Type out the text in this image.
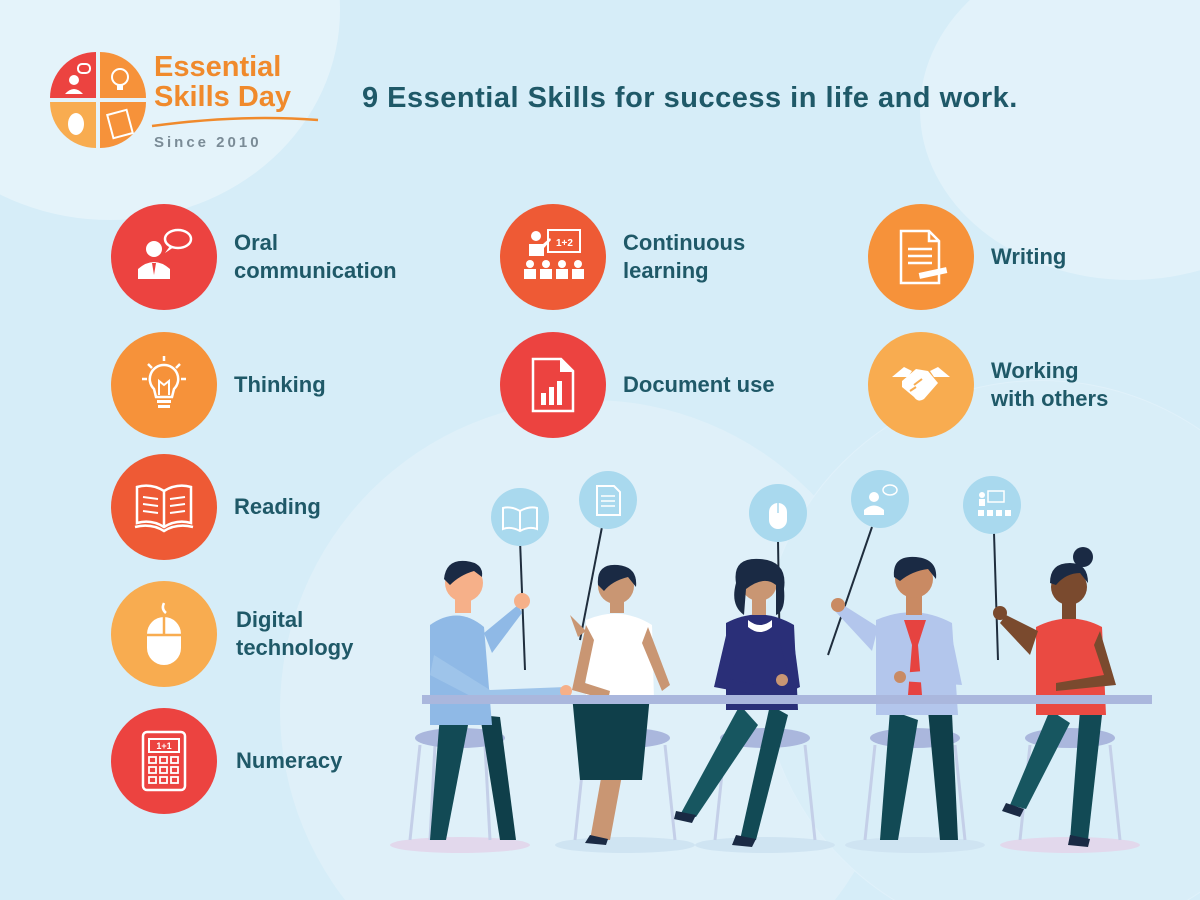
Essential
Skills Day
Since 2010
9 Essential Skills for success in life and work.
Oral
communication
1+2 Continuous
learning
Writing
Thinking	Document use
Working
with others
Reading
Digital
technology
1+1
Numeracy
